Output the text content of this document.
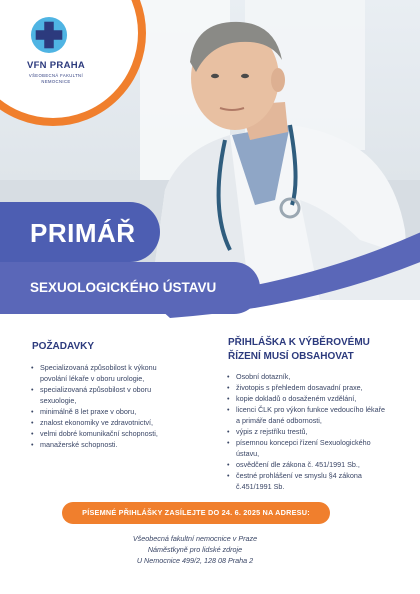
VFN PRAHA
VŠEOBECNÁ FAKULTNÍ
NEMOCNICE
PRIMÁŘ
SEXUOLOGICKÉHO ÚSTAVU
POŽADAVKY
• Specializovaná způsobilost k výkonu povolání lékaře v oboru urologie,
• specializovaná způsobilost v oboru sexuologie,
• minimálně 8 let praxe v oboru,
• znalost ekonomiky ve zdravotnictví,
• velmi dobré komunikační schopnosti,
• manažerské schopnosti.
PŘIHLÁŠKA K VÝBĚROVÉMU
ŘÍZENÍ MUSÍ OBSAHOVAT
• Osobní dotazník,
• životopis s přehledem dosavadní praxe,
• kopie dokladů o dosaženém vzdělání,
• licenci ČLK pro výkon funkce vedoucího lékaře a primáře dané odbornosti,
• výpis z rejstříku trestů,
• písemnou koncepci řízení Sexuologického ústavu,
• osvědčení dle zákona č. 451/1991 Sb.,
• čestné prohlášení ve smyslu §4 zákona č.451/1991 Sb.
PÍSEMNÉ PŘIHLÁŠKY ZASÍLEJTE DO 24. 6. 2025 NA ADRESU:
Všeobecná fakultní nemocnice v Praze
Náměstkyně pro lidské zdroje
U Nemocnice 499/2, 128 08 Praha 2
